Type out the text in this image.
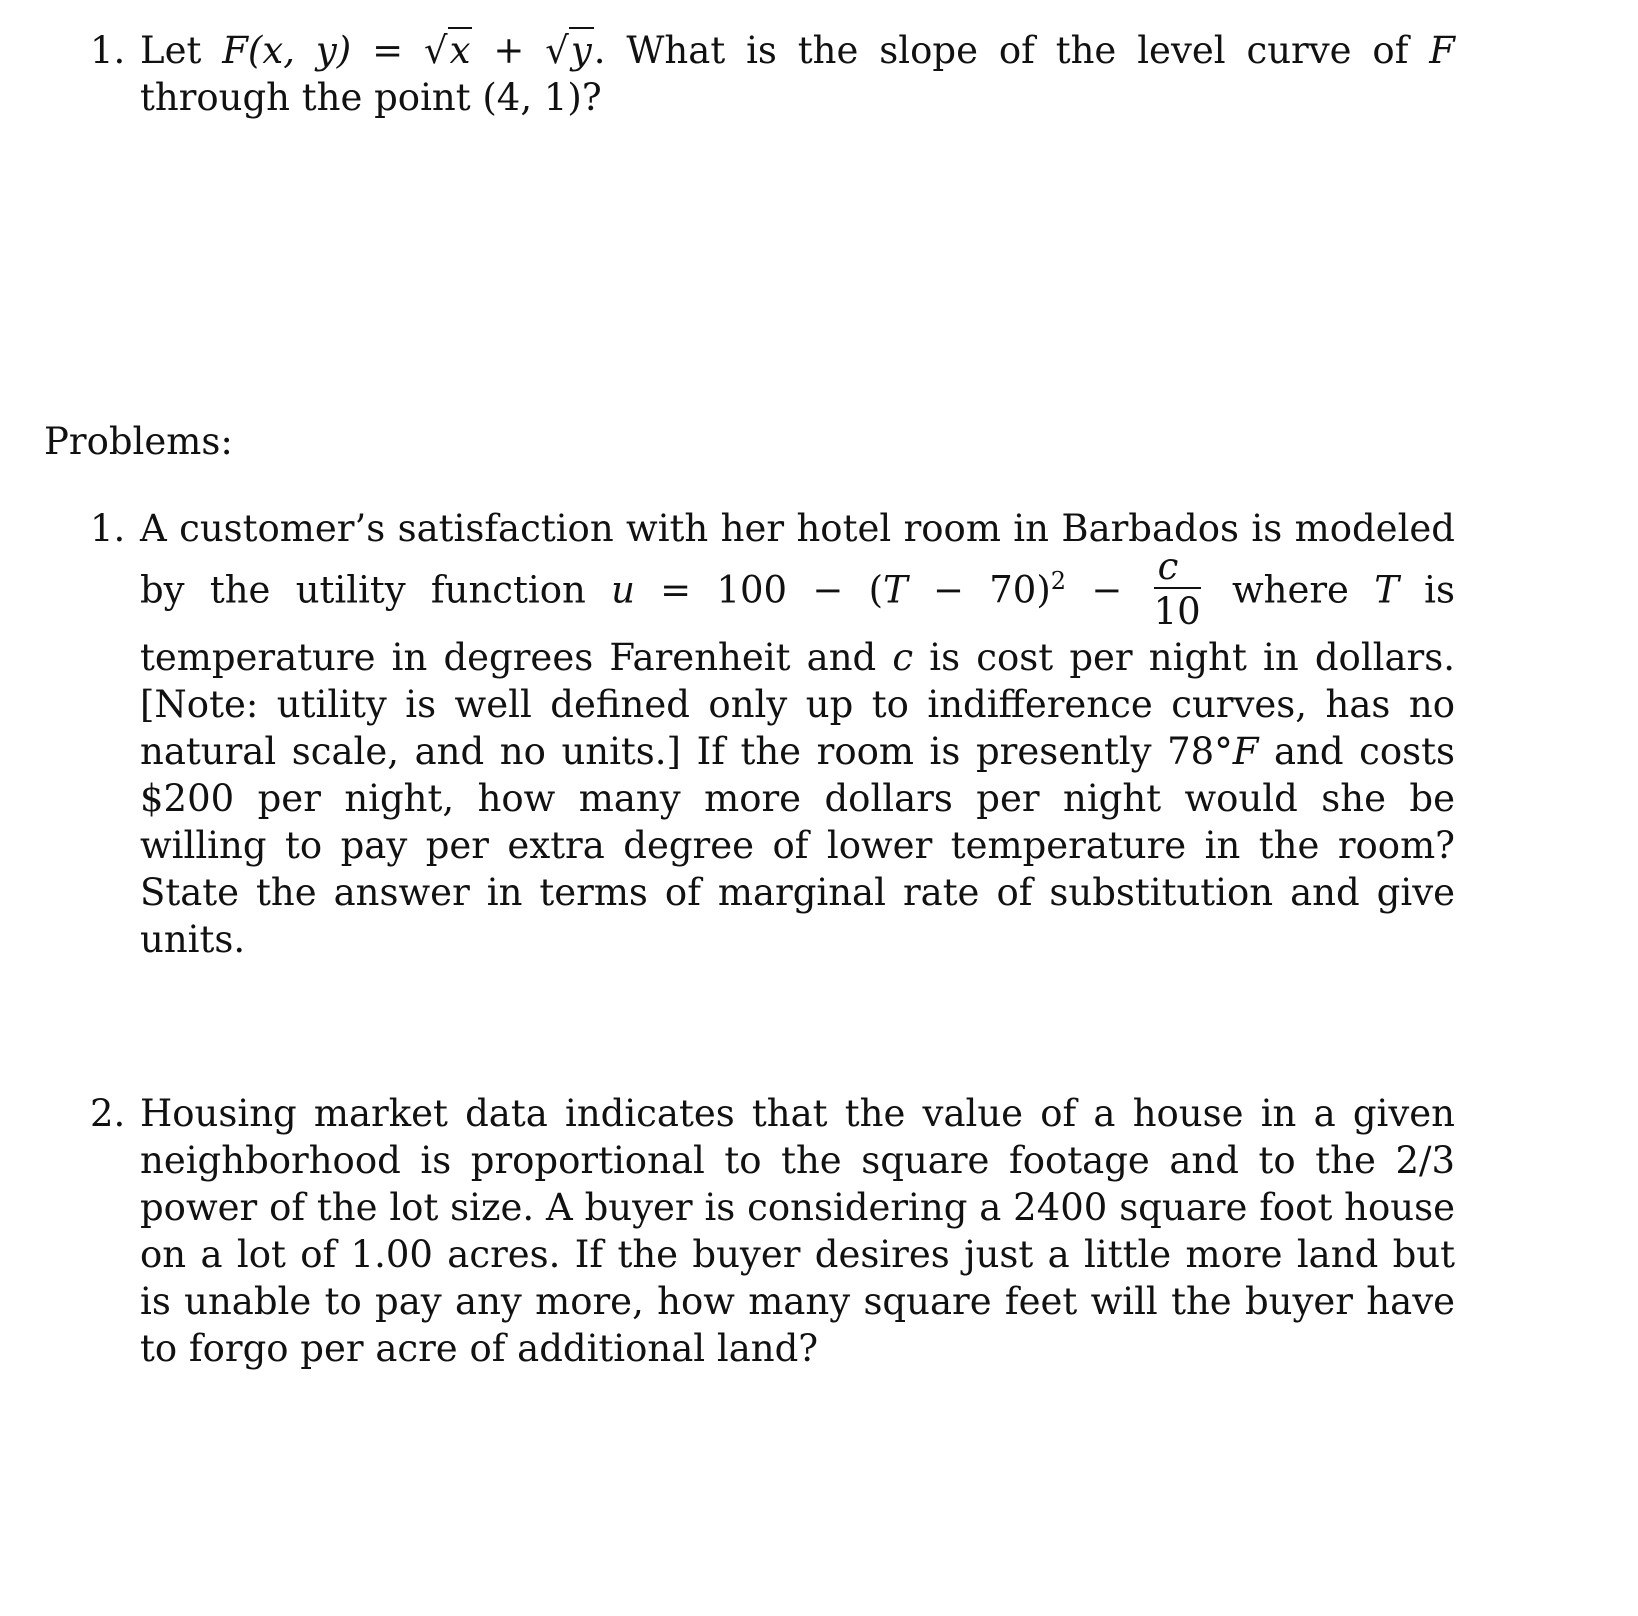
1. Let F(x, y) = √x + √y. What is the slope of the level curve of F through the point (4, 1)?
Problems:
1. A customer’s satisfaction with her hotel room in Barbados is modeled by the utility function $u = 100 - (T - 70)^2 - \frac{c}{10}$ where T is temperature in degrees Farenheit and c is cost per night in dollars. [Note: utility is well defined only up to indifference curves, has no natural scale, and no units.] If the room is presently 78°F and costs $200 per night, how many more dollars per night would she be willing to pay per extra degree of lower temperature in the room? State the answer in terms of marginal rate of substitution and give units.
2. Housing market data indicates that the value of a house in a given neighborhood is proportional to the square footage and to the 2/3 power of the lot size. A buyer is considering a 2400 square foot house on a lot of 1.00 acres. If the buyer desires just a little more land but is unable to pay any more, how many square feet will the buyer have to forgo per acre of additional land?
